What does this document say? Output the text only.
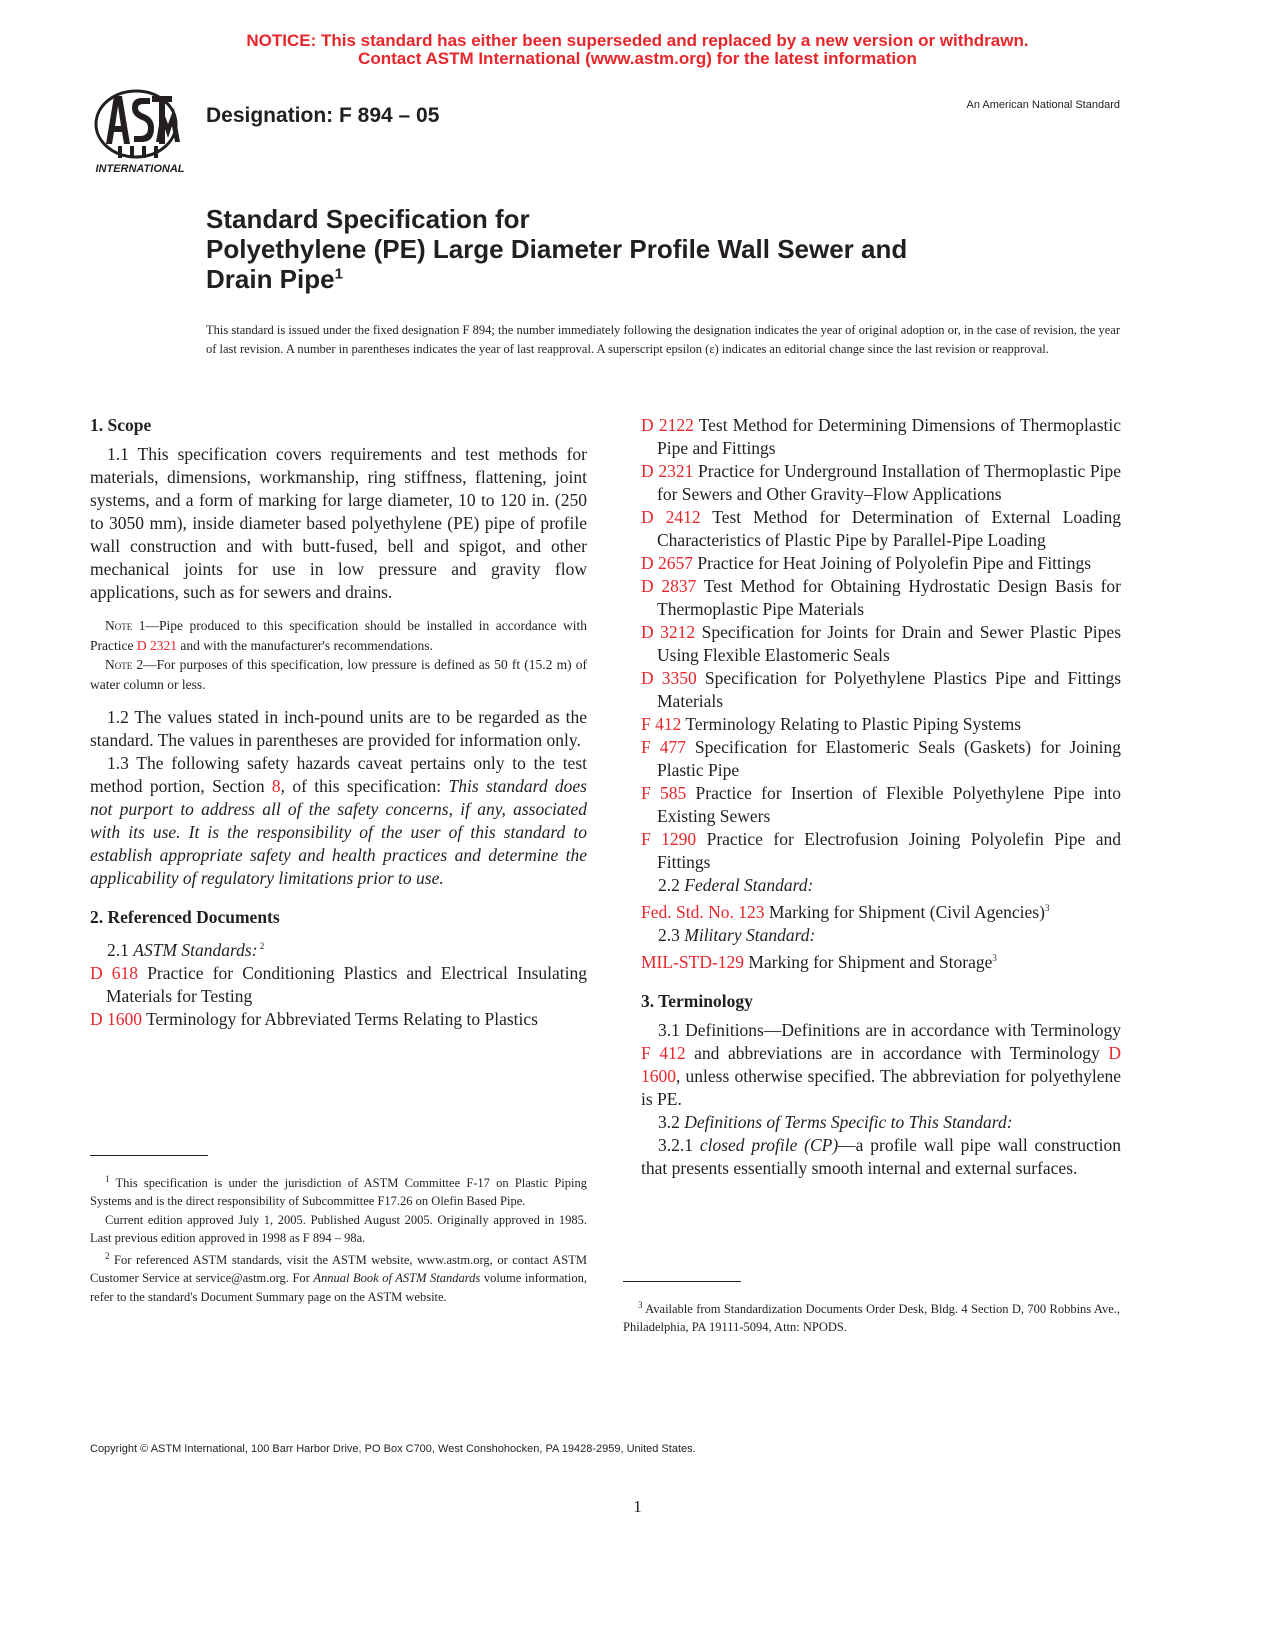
NOTICE: This standard has either been superseded and replaced by a new version or withdrawn.
Contact ASTM International (www.astm.org) for the latest information
INTERNATIONAL
Designation: F 894 – 05	An American National Standard
Standard Specification for
Polyethylene (PE) Large Diameter Profile Wall Sewer and
Drain Pipe$^1$
This standard is issued under the fixed designation F 894; the number immediately following the designation indicates the year of original adoption or, in the case of revision, the year of last revision. A number in parentheses indicates the year of last reapproval. A superscript epsilon (ε) indicates an editorial change since the last revision or reapproval.
1. Scope

1.1 This specification covers requirements and test methods for materials, dimensions, workmanship, ring stiffness, flattening, joint systems, and a form of marking for large diameter, 10 to 120 in. (250 to 3050 mm), inside diameter based polyethylene (PE) pipe of profile wall construction and with butt-fused, bell and spigot, and other mechanical joints for use in low pressure and gravity flow applications, such as for sewers and drains.

Note 1—Pipe produced to this specification should be installed in accordance with Practice D 2321 and with the manufacturer's recommendations.

Note 2—For purposes of this specification, low pressure is defined as 50 ft (15.2 m) of water column or less.

1.2 The values stated in inch-pound units are to be regarded as the standard. The values in parentheses are provided for information only.

1.3 The following safety hazards caveat pertains only to the test method portion, Section 8, of this specification: This standard does not purport to address all of the safety concerns, if any, associated with its use. It is the responsibility of the user of this standard to establish appropriate safety and health practices and determine the applicability of regulatory limitations prior to use.

2. Referenced Documents

2.1 ASTM Standards: $^2$

D 618 Practice for Conditioning Plastics and Electrical Insulating Materials for Testing

D 1600 Terminology for Abbreviated Terms Relating to Plastics

$^1$ This specification is under the jurisdiction of ASTM Committee F-17 on Plastic Piping Systems and is the direct responsibility of Subcommittee F17.26 on Olefin Based Pipe.

Current edition approved July 1, 2005. Published August 2005. Originally approved in 1985. Last previous edition approved in 1998 as F 894 – 98a.

$^2$ For referenced ASTM standards, visit the ASTM website, www.astm.org, or contact ASTM Customer Service at service@astm.org. For Annual Book of ASTM Standards volume information, refer to the standard's Document Summary page on the ASTM website.

D 2122 Test Method for Determining Dimensions of Thermoplastic Pipe and Fittings

D 2321 Practice for Underground Installation of Thermoplastic Pipe for Sewers and Other Gravity–Flow Applications

D 2412 Test Method for Determination of External Loading Characteristics of Plastic Pipe by Parallel-Pipe Loading

D 2657 Practice for Heat Joining of Polyolefin Pipe and Fittings

D 2837 Test Method for Obtaining Hydrostatic Design Basis for Thermoplastic Pipe Materials

D 3212 Specification for Joints for Drain and Sewer Plastic Pipes Using Flexible Elastomeric Seals

D 3350 Specification for Polyethylene Plastics Pipe and Fittings Materials

F 412 Terminology Relating to Plastic Piping Systems

F 477 Specification for Elastomeric Seals (Gaskets) for Joining Plastic Pipe

F 585 Practice for Insertion of Flexible Polyethylene Pipe into Existing Sewers

F 1290 Practice for Electrofusion Joining Polyolefin Pipe and Fittings

2.2 Federal Standard:

Fed. Std. No. 123 Marking for Shipment (Civil Agencies)$^3$

2.3 Military Standard:

MIL-STD-129 Marking for Shipment and Storage$^3$

3. Terminology

3.1 Definitions—Definitions are in accordance with Terminology F 412 and abbreviations are in accordance with Terminology D 1600, unless otherwise specified. The abbreviation for polyethylene is PE.

3.2 Definitions of Terms Specific to This Standard:

3.2.1 closed profile (CP)—a profile wall pipe wall construction that presents essentially smooth internal and external surfaces.

$^3$ Available from Standardization Documents Order Desk, Bldg. 4 Section D, 700 Robbins Ave., Philadelphia, PA 19111-5094, Attn: NPODS.

Copyright © ASTM International, 100 Barr Harbor Drive, PO Box C700, West Conshohocken, PA 19428-2959, United States.
1
